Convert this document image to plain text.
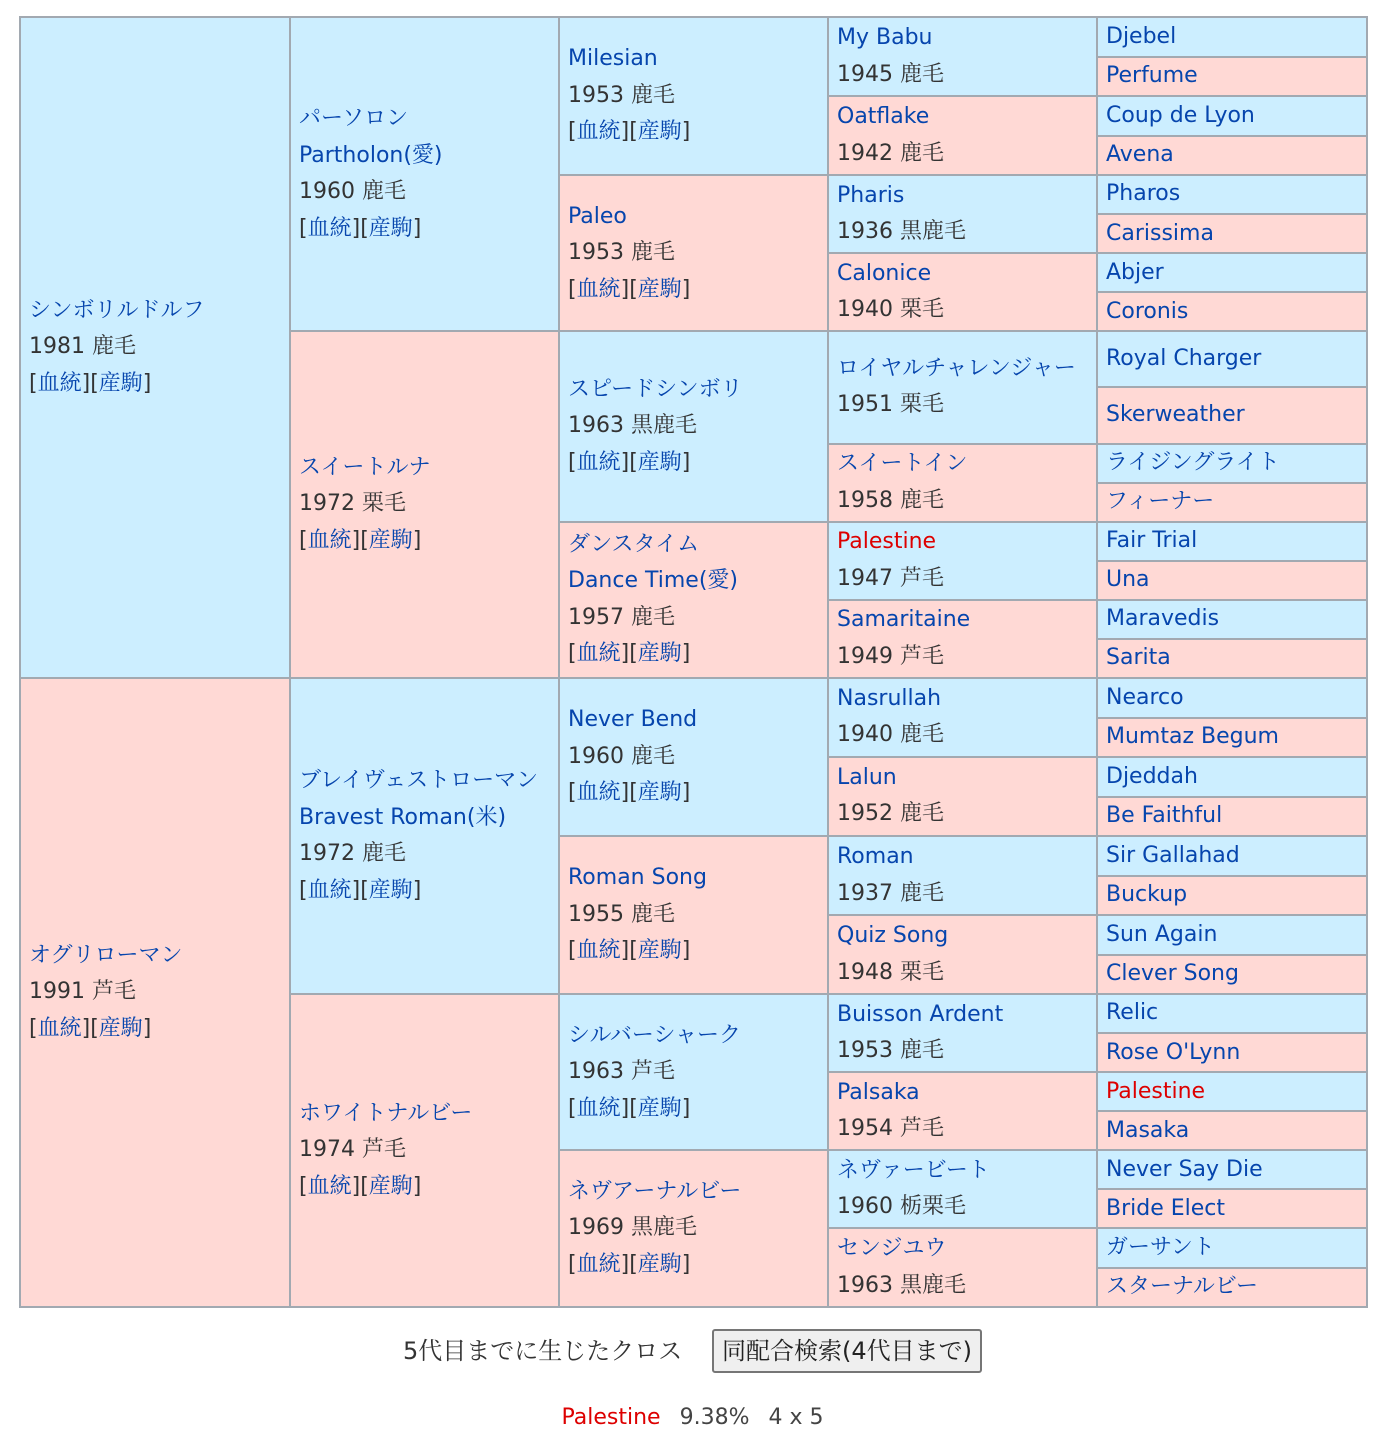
シンボリルドルフ
1981 鹿毛
[血統][産駒]	パーソロン
Partholon(愛)
1960 鹿毛
[血統][産駒]	Milesian
1953 鹿毛
[血統][産駒]	My Babu
1945 鹿毛	Djebel

				Perfume

			Oatflake
1942 鹿毛	Coup de Lyon

				Avena

		Paleo
1953 鹿毛
[血統][産駒]	Pharis
1936 黒鹿毛	Pharos

				Carissima

			Calonice
1940 栗毛	Abjer

				Coronis

	スイートルナ
1972 栗毛
[血統][産駒]	スピードシンボリ
1963 黒鹿毛
[血統][産駒]	ロイヤルチャレンジャー
1951 栗毛	Royal Charger

				Skerweather

			スイートイン
1958 鹿毛	ライジングライト

				フィーナー

		ダンスタイム
Dance Time(愛)
1957 鹿毛
[血統][産駒]	Palestine
1947 芦毛	Fair Trial

				Una

			Samaritaine
1949 芦毛	Maravedis

				Sarita

オグリローマン
1991 芦毛
[血統][産駒]	ブレイヴェストローマン
Bravest Roman(米)
1972 鹿毛
[血統][産駒]	Never Bend
1960 鹿毛
[血統][産駒]	Nasrullah
1940 鹿毛	Nearco

				Mumtaz Begum

			Lalun
1952 鹿毛	Djeddah

				Be Faithful

		Roman Song
1955 鹿毛
[血統][産駒]	Roman
1937 鹿毛	Sir Gallahad

				Buckup

			Quiz Song
1948 栗毛	Sun Again

				Clever Song

	ホワイトナルビー
1974 芦毛
[血統][産駒]	シルバーシャーク
1963 芦毛
[血統][産駒]	Buisson Ardent
1953 鹿毛	Relic

				Rose O'Lynn

			Palsaka
1954 芦毛	Palestine

				Masaka

		ネヴアーナルビー
1969 黒鹿毛
[血統][産駒]	ネヴァービート
1960 栃栗毛	Never Say Die

				Bride Elect

			センジユウ
1963 黒鹿毛	ガーサント

				スターナルビー
5代目までに生じたクロス 同配合検索(4代目まで)
Palestine 9.38% 4 x 5
